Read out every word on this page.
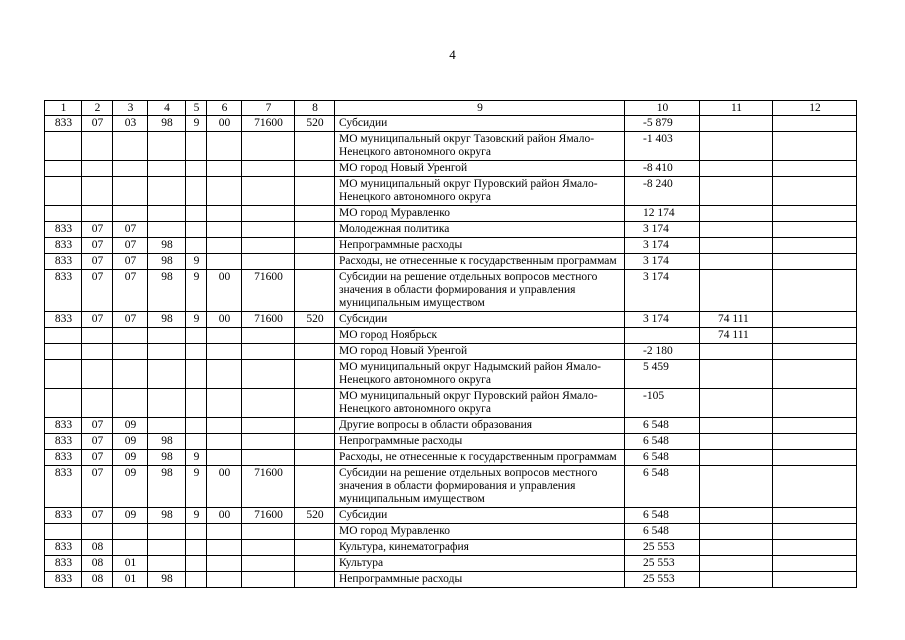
4
1	2	3	4	5	6	7	8	9	10	11	12
833	07	03	98	9	00	71600	520	Субсидии	-5 879		
								МО муниципальный округ Тазовский район Ямало-Ненецкого автономного округа	-1 403		
								МО город Новый Уренгой	-8 410		
								МО муниципальный округ Пуровский район Ямало-Ненецкого автономного округа	-8 240		
								МО город Муравленко	12 174		
833	07	07						Молодежная политика	3 174		
833	07	07	98					Непрограммные расходы	3 174		
833	07	07	98	9				Расходы, не отнесенные к государственным программам	3 174		
833	07	07	98	9	00	71600		Субсидии на решение отдельных вопросов местного значения в области формирования и управления муниципальным имуществом	3 174		
833	07	07	98	9	00	71600	520	Субсидии	3 174	74 111	
								МО город Ноябрьск		74 111	
								МО город Новый Уренгой	-2 180		
								МО муниципальный округ Надымский район Ямало-Ненецкого автономного округа	5 459		
								МО муниципальный округ Пуровский район Ямало-Ненецкого автономного округа	-105		
833	07	09						Другие вопросы в области образования	6 548		
833	07	09	98					Непрограммные расходы	6 548		
833	07	09	98	9				Расходы, не отнесенные к государственным программам	6 548		
833	07	09	98	9	00	71600		Субсидии на решение отдельных вопросов местного значения в области формирования и управления муниципальным имуществом	6 548		
833	07	09	98	9	00	71600	520	Субсидии	6 548		
								МО город Муравленко	6 548		
833	08							Культура, кинематография	25 553		
833	08	01						Культура	25 553		
833	08	01	98					Непрограммные расходы	25 553		
